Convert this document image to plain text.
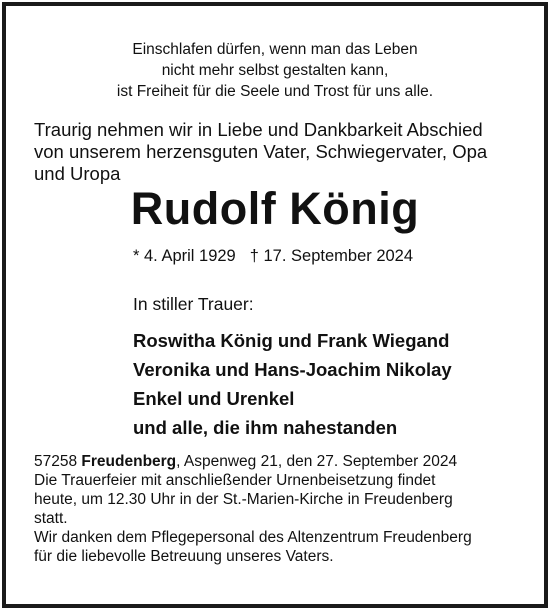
Einschlafen dürfen, wenn man das Leben
nicht mehr selbst gestalten kann,
ist Freiheit für die Seele und Trost für uns alle.
Traurig nehmen wir in Liebe und Dankbarkeit Abschied
von unserem herzensguten Vater, Schwiegervater, Opa
und Uropa
Rudolf König
* 4. April 1929 † 17. September 2024
In stiller Trauer:
Roswitha König und Frank Wiegand
Veronika und Hans-Joachim Nikolay
Enkel und Urenkel
und alle, die ihm nahestanden
57258 Freudenberg, Aspenweg 21, den 27. September 2024
Die Trauerfeier mit anschließender Urnenbeisetzung findet
heute, um 12.30 Uhr in der St.-Marien-Kirche in Freudenberg
statt.
Wir danken dem Pflegepersonal des Altenzentrum Freudenberg
für die liebevolle Betreuung unseres Vaters.
